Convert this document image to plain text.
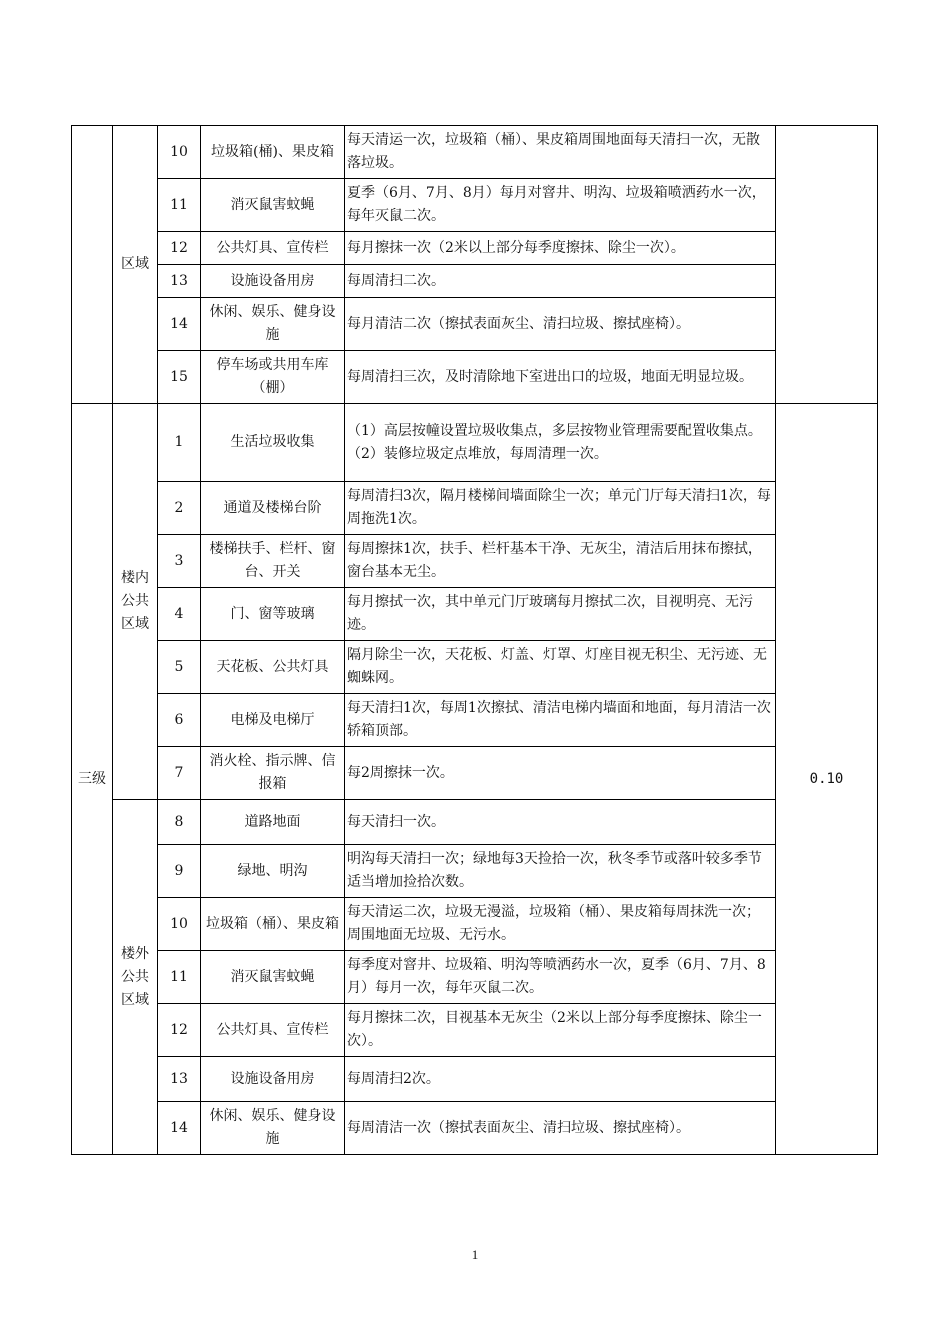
	区域	10	垃圾箱(桶)、果皮箱	每天清运一次，垃圾箱（桶）、果皮箱周围地面每天清扫一次，无散落垃圾。	
		11	消灭鼠害蚊蝇	夏季（6月、7月、8月）每月对窨井、明沟、垃圾箱喷洒药水一次，每年灭鼠二次。	
		12	公共灯具、宣传栏	每月擦抹一次（2米以上部分每季度擦抹、除尘一次）。	
		13	设施设备用房	每周清扫二次。	
		14	休闲、娱乐、健身设施	每月清洁二次（擦拭表面灰尘、清扫垃圾、擦拭座椅）。	
		15	停车场或共用车库（棚）	每周清扫三次，及时清除地下室进出口的垃圾，地面无明显垃圾。	
三级	楼内公共区域	1	生活垃圾收集	（1）高层按幢设置垃圾收集点，多层按物业管理需要配置收集点。
（2）装修垃圾定点堆放，每周清理一次。	0.10
		2	通道及楼梯台阶	每周清扫3次，隔月楼梯间墙面除尘一次；单元门厅每天清扫1次，每周拖洗1次。	
		3	楼梯扶手、栏杆、窗台、开关	每周擦抹1次，扶手、栏杆基本干净、无灰尘，清洁后用抹布擦拭，窗台基本无尘。	
		4	门、窗等玻璃	每月擦拭一次，其中单元门厅玻璃每月擦拭二次，目视明亮、无污迹。	
		5	天花板、公共灯具	隔月除尘一次，天花板、灯盖、灯罩、灯座目视无积尘、无污迹、无蜘蛛网。	
		6	电梯及电梯厅	每天清扫1次，每周1次擦拭、清洁电梯内墙面和地面，每月清洁一次轿箱顶部。	
		7	消火栓、指示牌、信报箱	每2周擦抹一次。	
	楼外公共区域	8	道路地面	每天清扫一次。	
		9	绿地、明沟	明沟每天清扫一次；绿地每3天捡拾一次，秋冬季节或落叶较多季节适当增加捡拾次数。	
		10	垃圾箱（桶）、果皮箱	每天清运二次，垃圾无漫溢，垃圾箱（桶）、果皮箱每周抹洗一次；周围地面无垃圾、无污水。	
		11	消灭鼠害蚊蝇	每季度对窨井、垃圾箱、明沟等喷洒药水一次，夏季（6月、7月、8月）每月一次，每年灭鼠二次。	
		12	公共灯具、宣传栏	每月擦抹二次，目视基本无灰尘（2米以上部分每季度擦抹、除尘一次）。	
		13	设施设备用房	每周清扫2次。	
		14	休闲、娱乐、健身设施	每周清洁一次（擦拭表面灰尘、清扫垃圾、擦拭座椅）。	
1
